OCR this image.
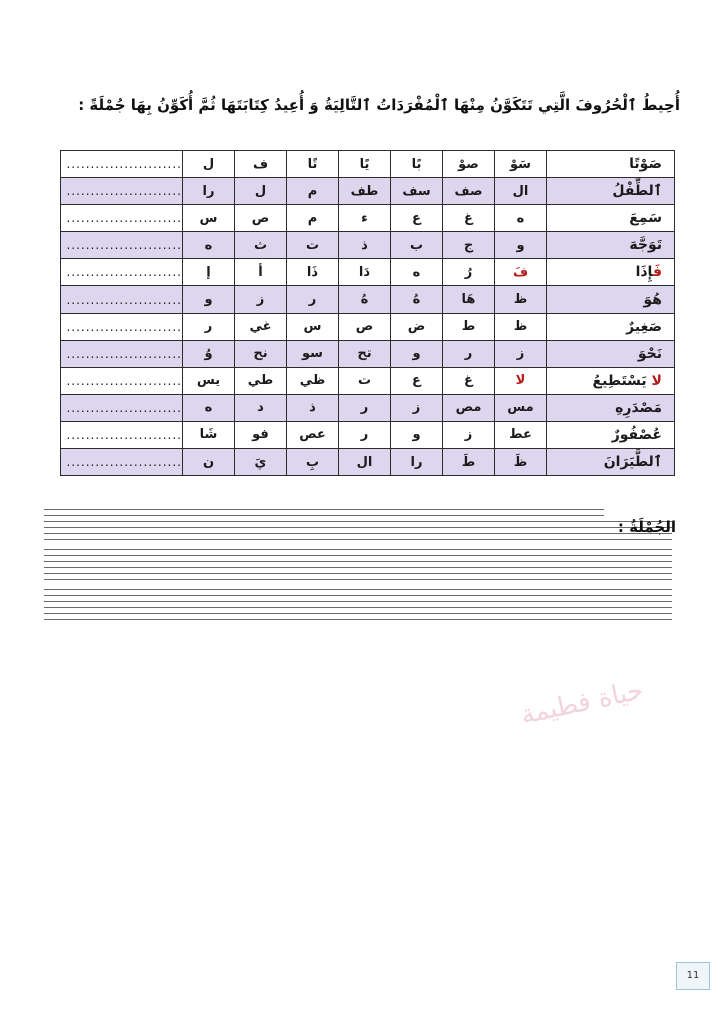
أُحِيطُ ٱلْحُرُوفَ الَّتِي تَتَكَوَّنُ مِنْهَا ٱلْمُفْرَدَاتُ ٱلتَّالِيَةُ وَ أُعِيدُ كِتَابَتَهَا ثُمَّ أُكَوِّنُ بِهَا جُمْلَةً :
صَوْتًا	سَوْ	صوْ	بًا	يًا	تًا	ف	ل	........................
ٱلطِّفْلُ	ال	صف	سف	طف	م	ل	را	........................
سَمِعَ	ه	غ	ع	ء	م	ص	س	........................
تَوَجَّهَ	و	ج	ب	ذ	ت	ث	ه	........................
فَإِذَا	فَ	رُ	ه	دَا	ذَا	أ	إ	........................
هُوَ	ظ	هَا	هُ	هُ	ر	ز	و	........................
صَغِيرٌ	ظ	ط	ض	ص	س	غي	ر	........................
نَحْوَ	ز	ر	و	تح	سو	نح	وُ	........................
لا يَسْتَطِيعُ	لا	غ	ع	ت	ظي	طي	يس	........................
مَصْدَرِهِ	مس	مص	ز	ر	ذ	د	ه	........................
عُصْفُورٌ	عط	ز	و	ر	عص	فو	شَا	........................
ٱلطَّيَرَانَ	ظَ	طَ	را	ال	بِ	يَ	ن	........................
الجُمْلَةُ :
حياة فطيمة
11
